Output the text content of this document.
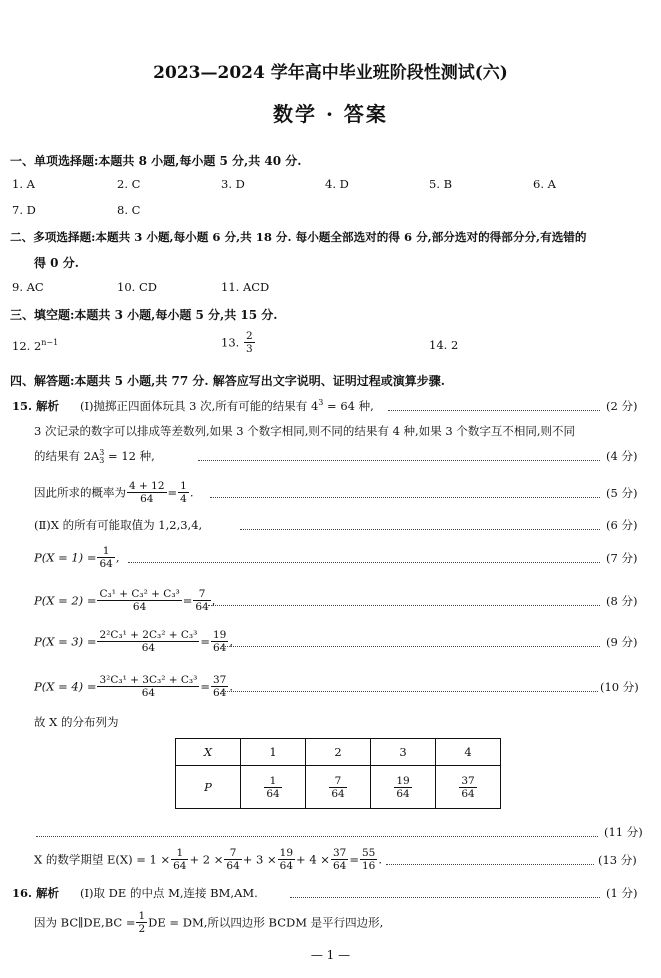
2023—2024 学年高中毕业班阶段性测试(六)
数学 · 答案
一、单项选择题:本题共 8 小题,每小题 5 分,共 40 分.
1. A	2. C	3. D	4. D	5. B	6. A
7. D	8. C
二、多项选择题:本题共 3 小题,每小题 6 分,共 18 分. 每小题全部选对的得 6 分,部分选对的得部分分,有选错的
得 0 分.
9. AC	10. CD	11. ACD
三、填空题:本题共 3 小题,每小题 5 分,共 15 分.
12. $2^{n-1}$	13. $\frac{2}{3}$	14. 2
四、解答题:本题共 5 小题,共 77 分. 解答应写出文字说明、证明过程或演算步骤.
15. 解析 (Ⅰ)抛掷正四面体玩具 3 次,所有可能的结果有 $4^3 = 64$ 种,	(2 分)
3 次记录的数字可以排成等差数列,如果 3 个数字相同,则不同的结果有 4 种,如果 3 个数字互不相同,则不同
的结果有 2A 3
3 = 12 种,	(4 分)
因此所求的概率为 $\frac{4 + 12}{64} = \frac{1}{4}$ .	(5 分)
(Ⅱ)X 的所有可能取值为 1,2,3,4,	(6 分)
$P(X = 1) = \frac{1}{64}$ ,	(7 分)
$P(X = 2) = \frac{\text{C₃¹ + C₃² + C₃³}}{64} = \frac{7}{64}$ ,	(8 分)
$P(X = 3) = \frac{\text{2²C₃¹ + 2C₃² + C₃³}}{64} = \frac{19}{64}$ ,	(9 分)
$P(X = 4) = \frac{\text{3²C₃¹ + 3C₃² + C₃³}}{64} = \frac{37}{64}$ .	(10 分)
故 X 的分布列为
X	1	2	3	4
P	$\frac{1}{64}$	$\frac{7}{64}$	$\frac{19}{64}$	$\frac{37}{64}$
(11 分)
X 的数学期望 $E(X) = 1 \times \frac{1}{64} + 2 \times \frac{7}{64} + 3 \times \frac{19}{64} + 4 \times \frac{37}{64} = \frac{55}{16}$ .	(13 分)
16. 解析 (Ⅰ)取 DE 的中点 M,连接 BM,AM.	(1 分)
因为 BC∥DE,BC = $\frac{1}{2}$ DE = DM,所以四边形 BCDM 是平行四边形,
— 1 —
